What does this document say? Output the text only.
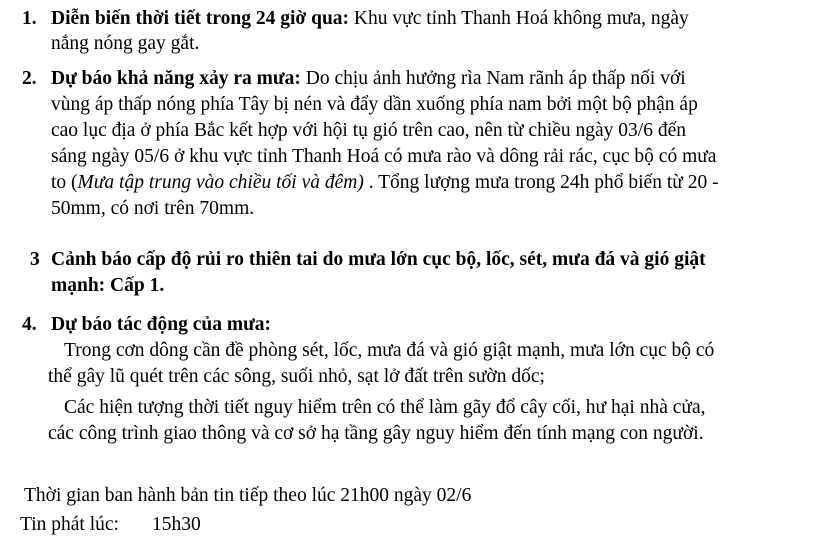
1. Diễn biến thời tiết trong 24 giờ qua: Khu vực tỉnh Thanh Hoá không mưa, ngày
nắng nóng gay gắt.
2. Dự báo khả năng xảy ra mưa: Do chịu ảnh hưởng rìa Nam rãnh áp thấp nối với
vùng áp thấp nóng phía Tây bị nén và đẩy dần xuống phía nam bởi một bộ phận áp
cao lục địa ở phía Bắc kết hợp với hội tụ gió trên cao, nên từ chiều ngày 03/6 đến
sáng ngày 05/6 ở khu vực tỉnh Thanh Hoá có mưa rào và dông rải rác, cục bộ có mưa
to (Mưa tập trung vào chiều tối và đêm) . Tổng lượng mưa trong 24h phổ biến từ 20 -
50mm, có nơi trên 70mm.
3 Cảnh báo cấp độ rủi ro thiên tai do mưa lớn cục bộ, lốc, sét, mưa đá và gió giật
mạnh: Cấp 1.
4. Dự báo tác động của mưa:
Trong cơn dông cần đề phòng sét, lốc, mưa đá và gió giật mạnh, mưa lớn cục bộ có
thể gây lũ quét trên các sông, suối nhỏ, sạt lở đất trên sườn dốc;
Các hiện tượng thời tiết nguy hiểm trên có thể làm gãy đổ cây cối, hư hại nhà cửa,
các công trình giao thông và cơ sở hạ tầng gây nguy hiểm đến tính mạng con người.
Thời gian ban hành bản tin tiếp theo lúc 21h00 ngày 02/6
Tin phát lúc: 15h30
